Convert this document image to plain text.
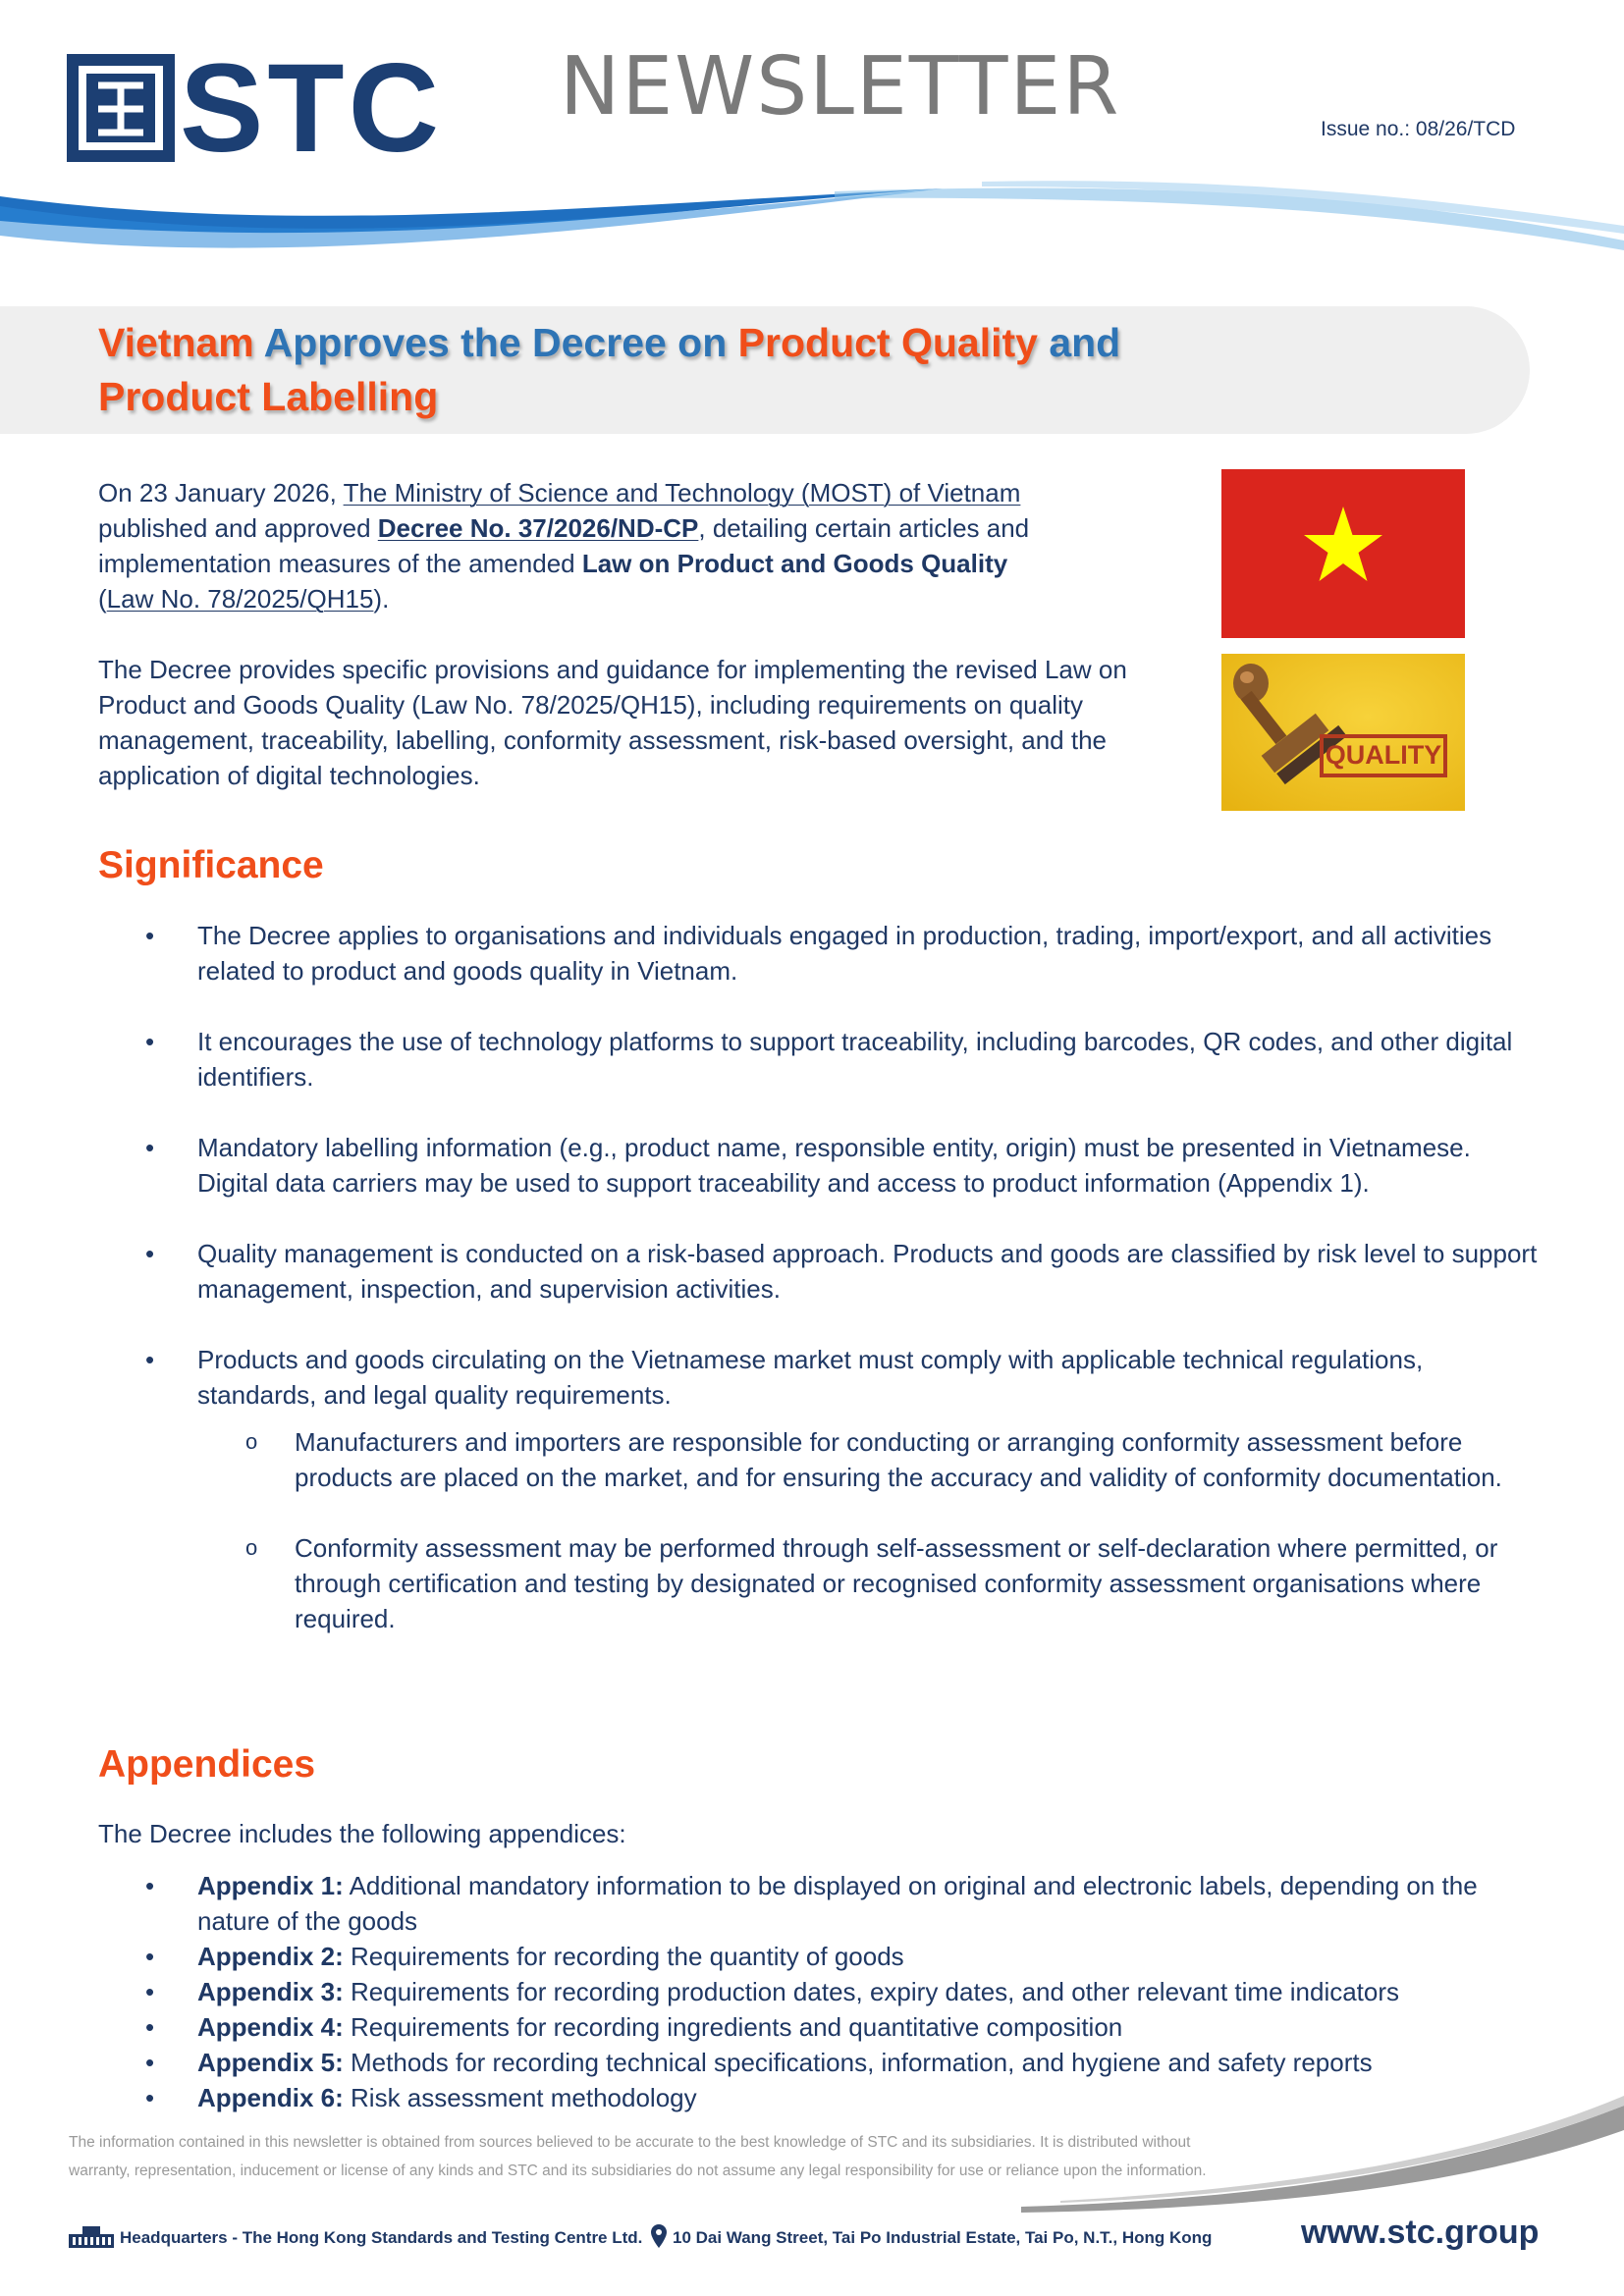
STC NEWSLETTER	Issue no.: 08/26/TCD
Vietnam Approves the Decree on Product Quality and
Product Labelling
On 23 January 2026, The Ministry of Science and Technology (MOST) of Vietnam
published and approved Decree No. 37/2026/ND-CP, detailing certain articles and implementation measures of the amended Law on Product and Goods Quality
(Law No. 78/2025/QH15).
The Decree provides specific provisions and guidance for implementing the revised Law on Product and Goods Quality (Law No. 78/2025/QH15), including requirements on quality management, traceability, labelling, conformity assessment, risk-based oversight, and the application of digital technologies.
QUALITY
Significance
• The Decree applies to organisations and individuals engaged in production, trading, import/export, and all activities related to product and goods quality in Vietnam.
• It encourages the use of technology platforms to support traceability, including barcodes, QR codes, and other digital identifiers.
• Mandatory labelling information (e.g., product name, responsible entity, origin) must be presented in Vietnamese. Digital data carriers may be used to support traceability and access to product information (Appendix 1).
• Quality management is conducted on a risk‑based approach. Products and goods are classified by risk level to support management, inspection, and supervision activities.
• Products and goods circulating on the Vietnamese market must comply with applicable technical regulations, standards, and legal quality requirements.
o Manufacturers and importers are responsible for conducting or arranging conformity assessment before products are placed on the market, and for ensuring the accuracy and validity of conformity documentation.
o Conformity assessment may be performed through self‑assessment or self‑declaration where permitted, or through certification and testing by designated or recognised conformity assessment organisations where required.
Appendices
The Decree includes the following appendices:
• Appendix 1: Additional mandatory information to be displayed on original and electronic labels, depending on the nature of the goods
• Appendix 2: Requirements for recording the quantity of goods
• Appendix 3: Requirements for recording production dates, expiry dates, and other relevant time indicators
• Appendix 4: Requirements for recording ingredients and quantitative composition
• Appendix 5: Methods for recording technical specifications, information, and hygiene and safety reports
• Appendix 6: Risk assessment methodology
The information contained in this newsletter is obtained from sources believed to be accurate to the best knowledge of STC and its subsidiaries. It is distributed without
warranty, representation, inducement or license of any kinds and STC and its subsidiaries do not assume any legal responsibility for use or reliance upon the information.
Headquarters - The Hong Kong Standards and Testing Centre Ltd.	10 Dai Wang Street, Tai Po Industrial Estate, Tai Po, N.T., Hong Kong	www.stc.group
